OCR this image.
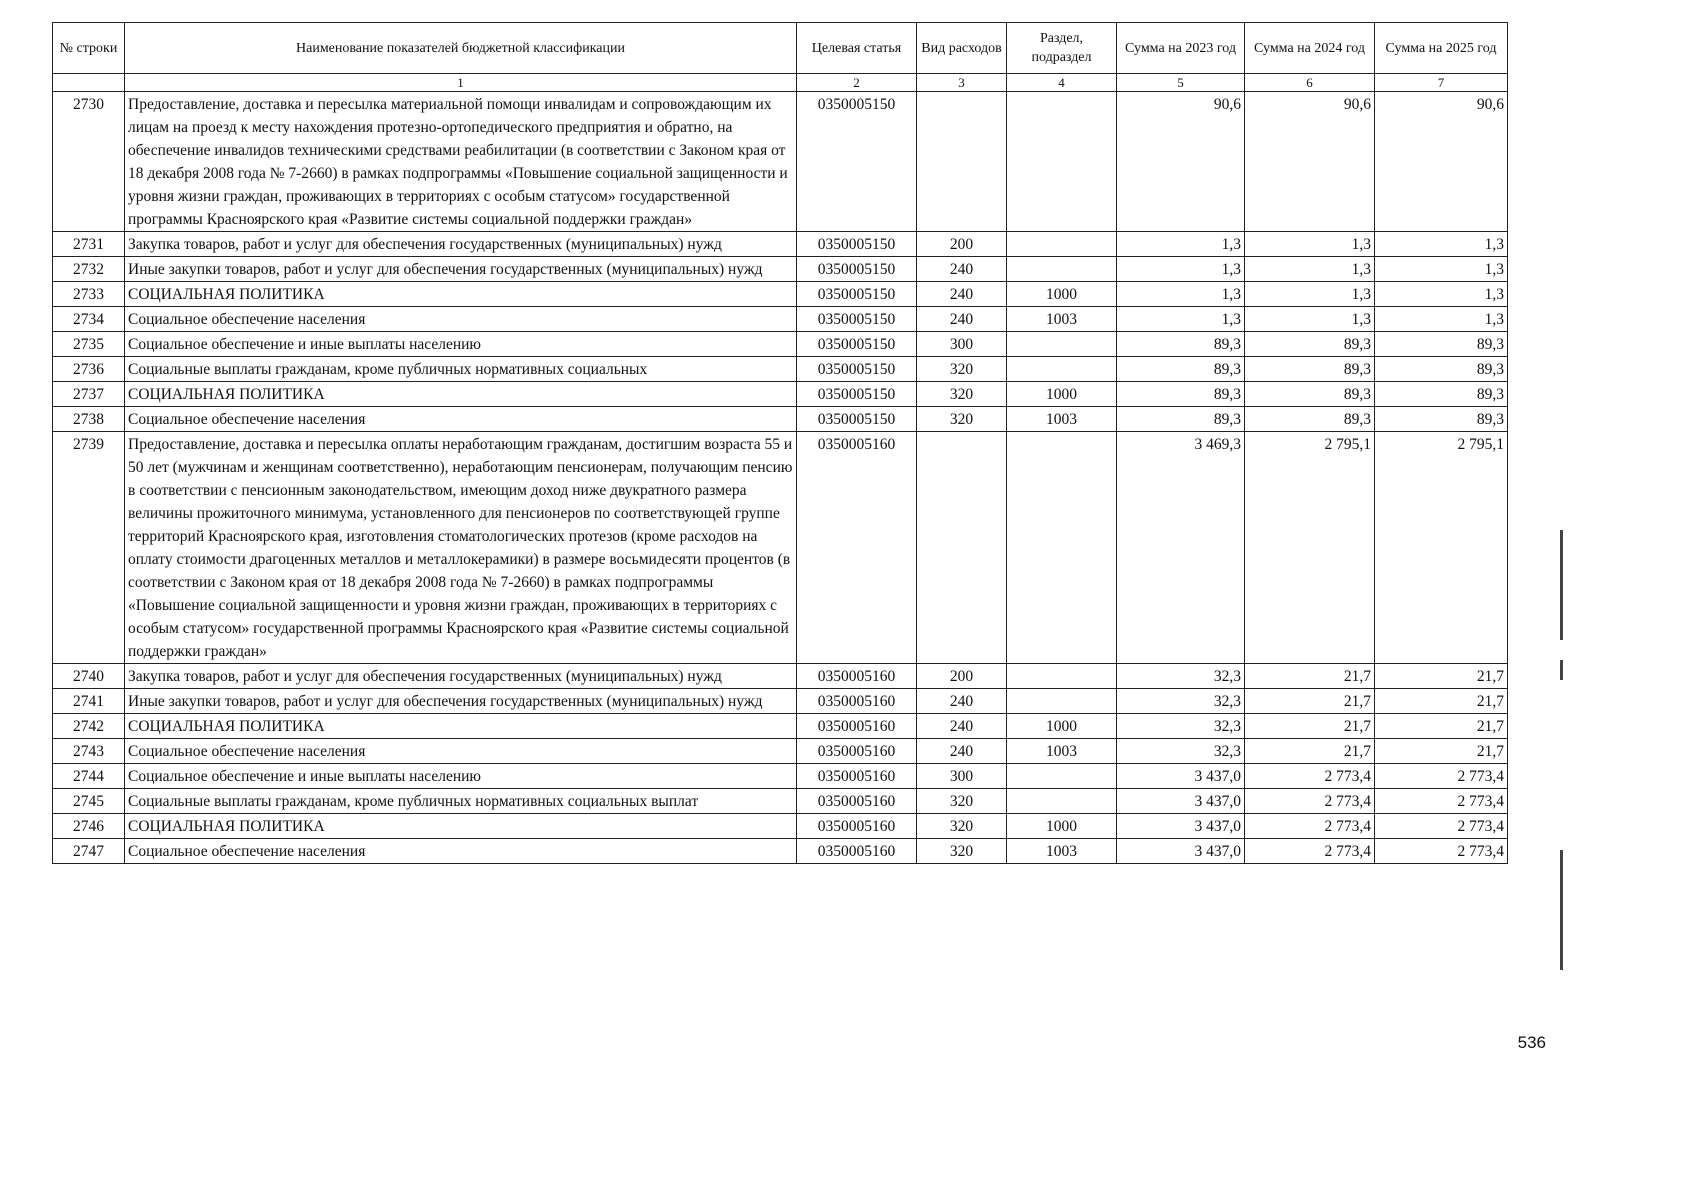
№ строки	Наименование показателей бюджетной классификации	Целевая статья	Вид расходов	Раздел, подраздел	Сумма на 2023 год	Сумма на 2024 год	Сумма на 2025 год
	1	2	3	4	5	6	7
2730	Предоставление, доставка и пересылка материальной помощи инвалидам и сопровождающим их лицам на проезд к месту нахождения протезно-ортопедического предприятия и обратно, на обеспечение инвалидов техническими средствами реабилитации (в соответствии с Законом края от 18 декабря 2008 года № 7-2660) в рамках подпрограммы «Повышение социальной защищенности и уровня жизни граждан, проживающих в территориях с особым статусом» государственной программы Красноярского края «Развитие системы социальной поддержки граждан»	0350005150			90,6	90,6	90,6
2731	Закупка товаров, работ и услуг для обеспечения государственных (муниципальных) нужд	0350005150	200		1,3	1,3	1,3
2732	Иные закупки товаров, работ и услуг для обеспечения государственных (муниципальных) нужд	0350005150	240		1,3	1,3	1,3
2733	СОЦИАЛЬНАЯ ПОЛИТИКА	0350005150	240	1000	1,3	1,3	1,3
2734	Социальное обеспечение населения	0350005150	240	1003	1,3	1,3	1,3
2735	Социальное обеспечение и иные выплаты населению	0350005150	300		89,3	89,3	89,3
2736	Социальные выплаты гражданам, кроме публичных нормативных социальных	0350005150	320		89,3	89,3	89,3
2737	СОЦИАЛЬНАЯ ПОЛИТИКА	0350005150	320	1000	89,3	89,3	89,3
2738	Социальное обеспечение населения	0350005150	320	1003	89,3	89,3	89,3
2739	Предоставление, доставка и пересылка оплаты неработающим гражданам, достигшим возраста 55 и 50 лет (мужчинам и женщинам соответственно), неработающим пенсионерам, получающим пенсию в соответствии с пенсионным законодательством, имеющим доход ниже двукратного размера величины прожиточного минимума, установленного для пенсионеров по соответствующей группе территорий Красноярского края, изготовления стоматологических протезов (кроме расходов на оплату стоимости драгоценных металлов и металлокерамики) в размере восьмидесяти процентов (в соответствии с Законом края от 18 декабря 2008 года № 7-2660) в рамках подпрограммы «Повышение социальной защищенности и уровня жизни граждан, проживающих в территориях с особым статусом» государственной программы Красноярского края «Развитие системы социальной поддержки граждан»	0350005160			3 469,3	2 795,1	2 795,1
2740	Закупка товаров, работ и услуг для обеспечения государственных (муниципальных) нужд	0350005160	200		32,3	21,7	21,7
2741	Иные закупки товаров, работ и услуг для обеспечения государственных (муниципальных) нужд	0350005160	240		32,3	21,7	21,7
2742	СОЦИАЛЬНАЯ ПОЛИТИКА	0350005160	240	1000	32,3	21,7	21,7
2743	Социальное обеспечение населения	0350005160	240	1003	32,3	21,7	21,7
2744	Социальное обеспечение и иные выплаты населению	0350005160	300		3 437,0	2 773,4	2 773,4
2745	Социальные выплаты гражданам, кроме публичных нормативных социальных выплат	0350005160	320		3 437,0	2 773,4	2 773,4
2746	СОЦИАЛЬНАЯ ПОЛИТИКА	0350005160	320	1000	3 437,0	2 773,4	2 773,4
2747	Социальное обеспечение населения	0350005160	320	1003	3 437,0	2 773,4	2 773,4
536
